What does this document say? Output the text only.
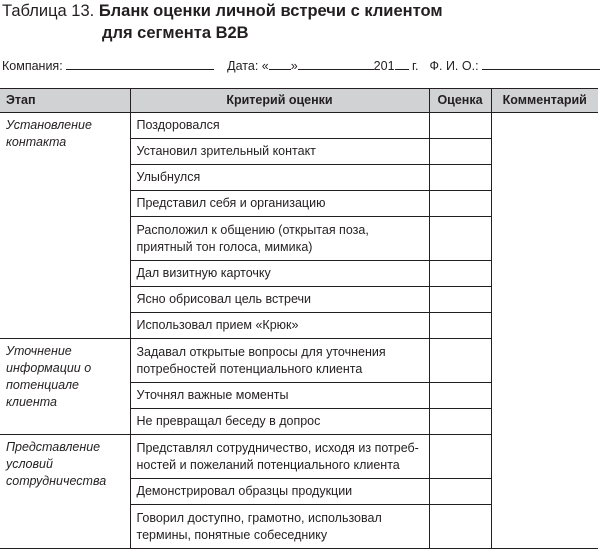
Таблица 13. Бланк оценки личной встречи с клиентом
для сегмента B2B
Компания:	Дата: « »	201 г. Ф. И. О.:
Этап	Критерий оценки	Оценка	Комментарий
Установление контакта	Поздоровался		
	Установил зрительный контакт		
	Улыбнулся		
	Представил себя и организацию		
	Расположил к общению (открытая поза, приятный тон голоса, мимика)		
	Дал визитную карточку		
	Ясно обрисовал цель встречи		
	Использовал прием «Крюк»		
Уточнение информации о потенциале клиента	Задавал открытые вопросы для уточнения потребностей потенциального клиента		
	Уточнял важные моменты		
	Не превращал беседу в допрос		
Представление условий сотрудничества	Представлял сотрудничество, исходя из потреб-ностей и пожеланий потенциального клиента		
	Демонстрировал образцы продукции		
	Говорил доступно, грамотно, использовал термины, понятные собеседнику		
